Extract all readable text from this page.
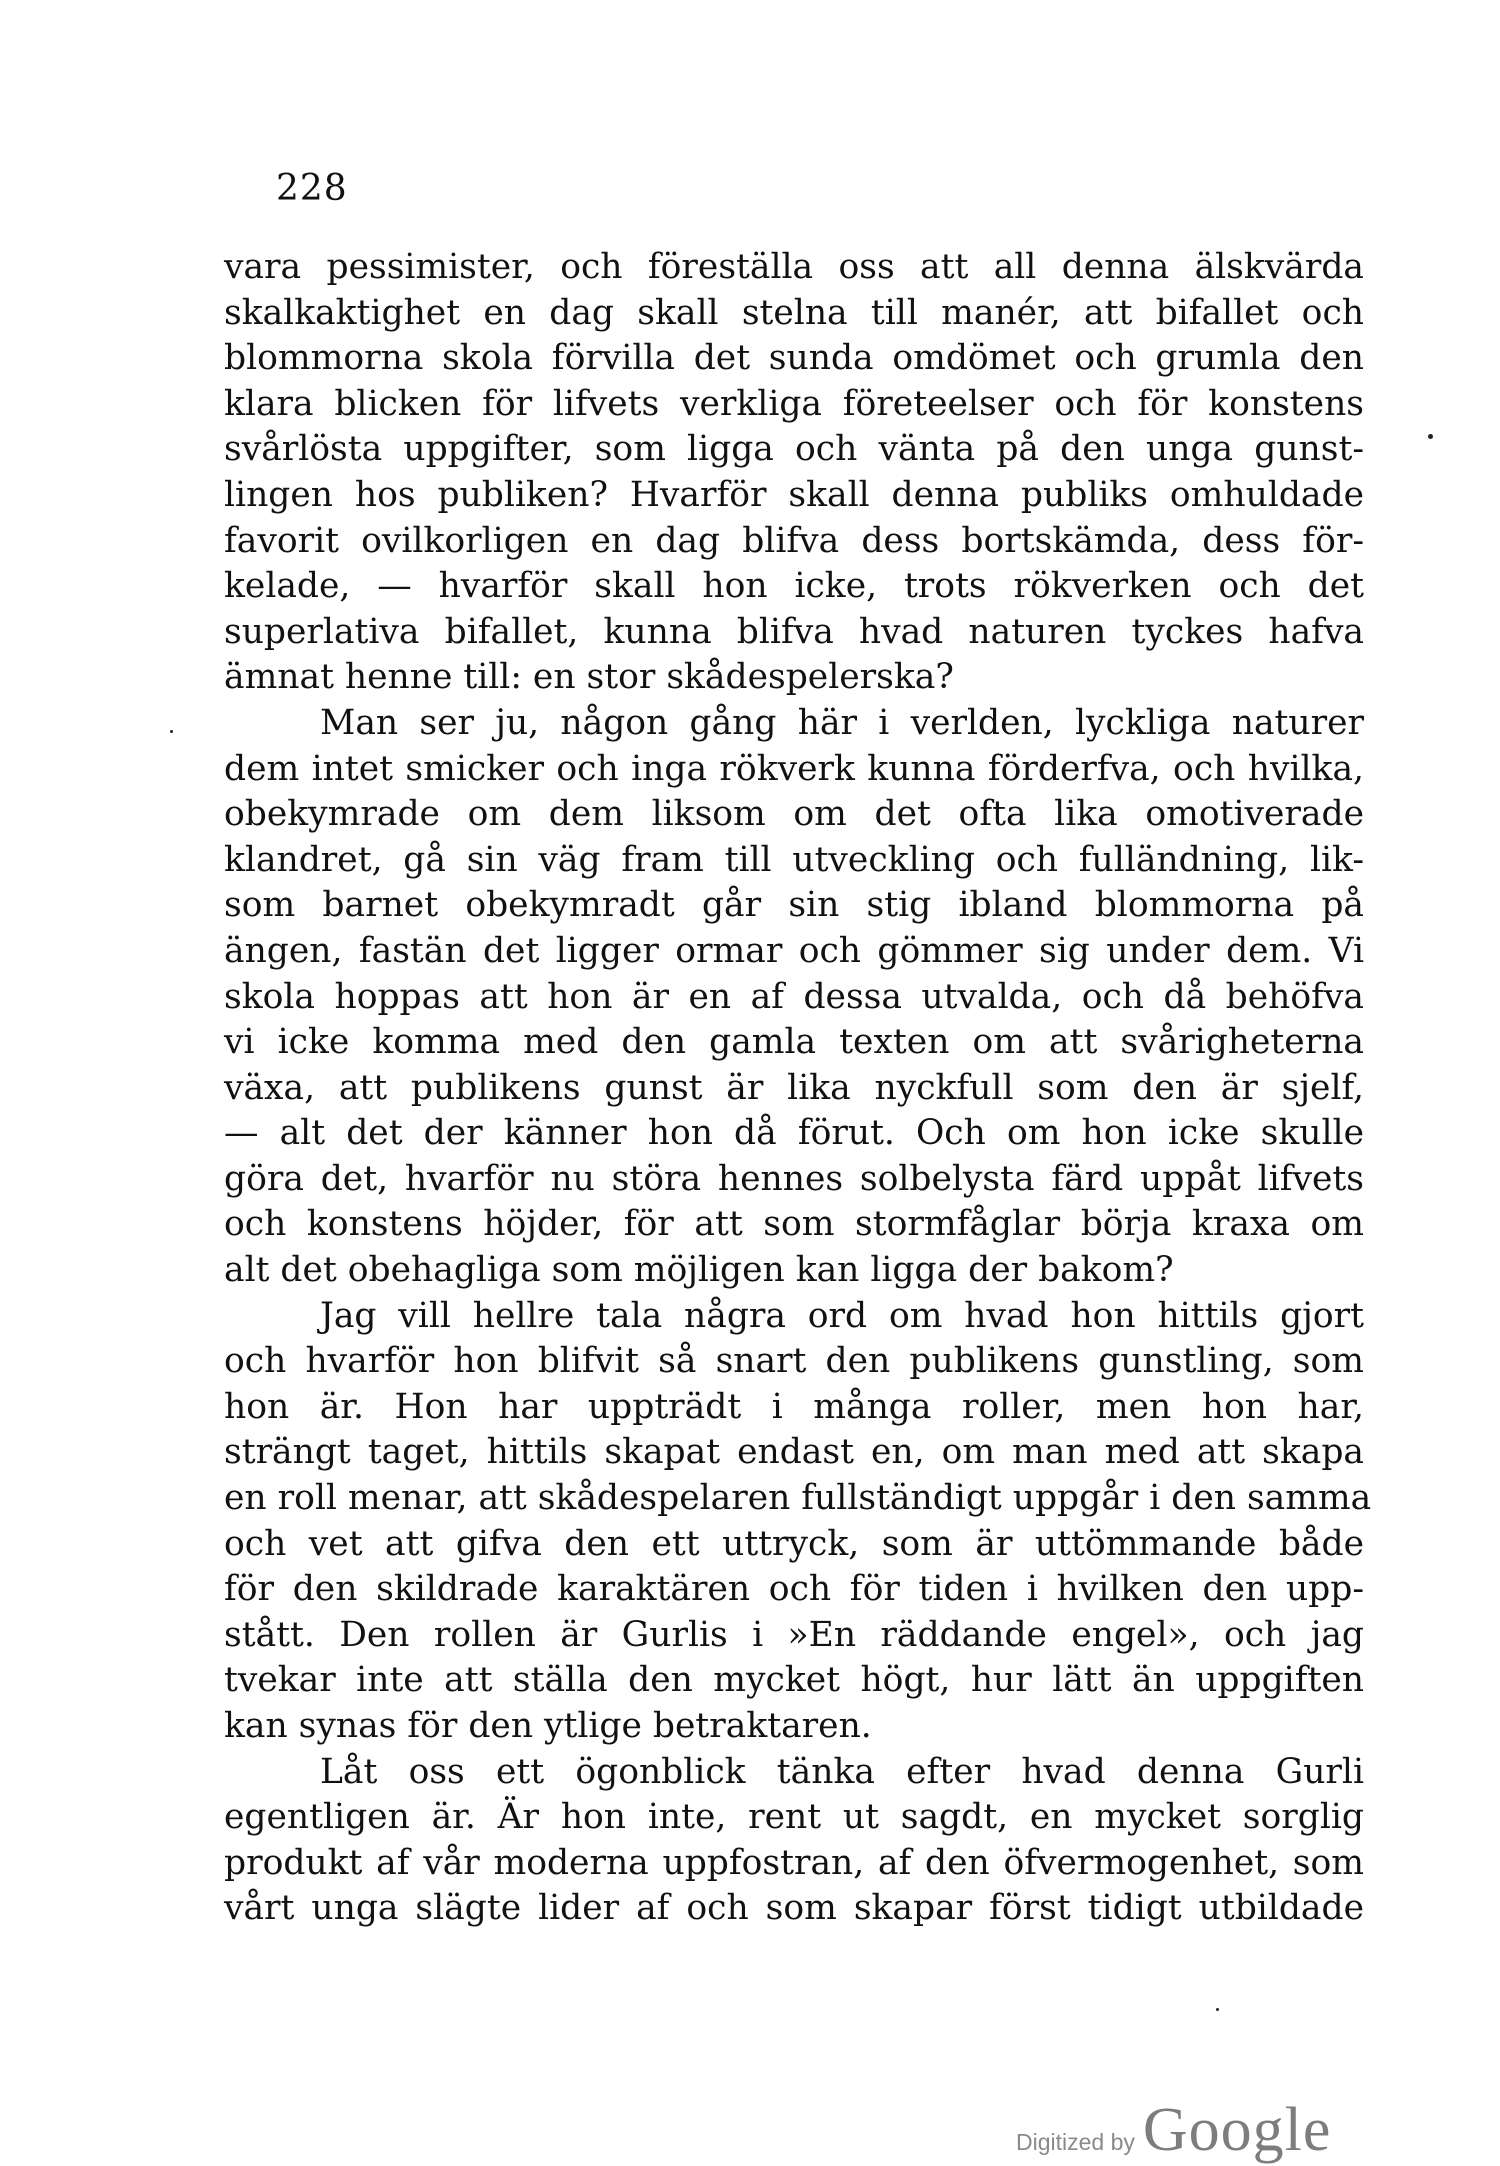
228
vara pessimister, och föreställa oss att all denna älskvärda
skalkaktighet en dag skall stelna till manér, att bifallet och
blommorna skola förvilla det sunda omdömet och grumla den
klara blicken för lifvets verkliga företeelser och för konstens
svårlösta uppgifter, som ligga och vänta på den unga gunst-
lingen hos publiken? Hvarför skall denna publiks omhuldade
favorit ovilkorligen en dag blifva dess bortskämda, dess för-
kelade, — hvarför skall hon icke, trots rökverken och det
superlativa bifallet, kunna blifva hvad naturen tyckes hafva
ämnat henne till: en stor skådespelerska?
Man ser ju, någon gång här i verlden, lyckliga naturer
dem intet smicker och inga rökverk kunna förderfva, och hvilka,
obekymrade om dem liksom om det ofta lika omotiverade
klandret, gå sin väg fram till utveckling och fulländning, lik-
som barnet obekymradt går sin stig ibland blommorna på
ängen, fastän det ligger ormar och gömmer sig under dem. Vi
skola hoppas att hon är en af dessa utvalda, och då behöfva
vi icke komma med den gamla texten om att svårigheterna
växa, att publikens gunst är lika nyckfull som den är sjelf,
— alt det der känner hon då förut. Och om hon icke skulle
göra det, hvarför nu störa hennes solbelysta färd uppåt lifvets
och konstens höjder, för att som stormfåglar börja kraxa om
alt det obehagliga som möjligen kan ligga der bakom?
Jag vill hellre tala några ord om hvad hon hittils gjort
och hvarför hon blifvit så snart den publikens gunstling, som
hon är. Hon har uppträdt i många roller, men hon har,
strängt taget, hittils skapat endast en, om man med att skapa
en roll menar, att skådespelaren fullständigt uppgår i den samma
och vet att gifva den ett uttryck, som är uttömmande både
för den skildrade karaktären och för tiden i hvilken den upp-
stått. Den rollen är Gurlis i »En räddande engel», och jag
tvekar inte att ställa den mycket högt, hur lätt än uppgiften
kan synas för den ytlige betraktaren.
Låt oss ett ögonblick tänka efter hvad denna Gurli
egentligen är. Är hon inte, rent ut sagdt, en mycket sorglig
produkt af vår moderna uppfostran, af den öfvermogenhet, som
vårt unga slägte lider af och som skapar först tidigt utbildade
Digitized by Google
